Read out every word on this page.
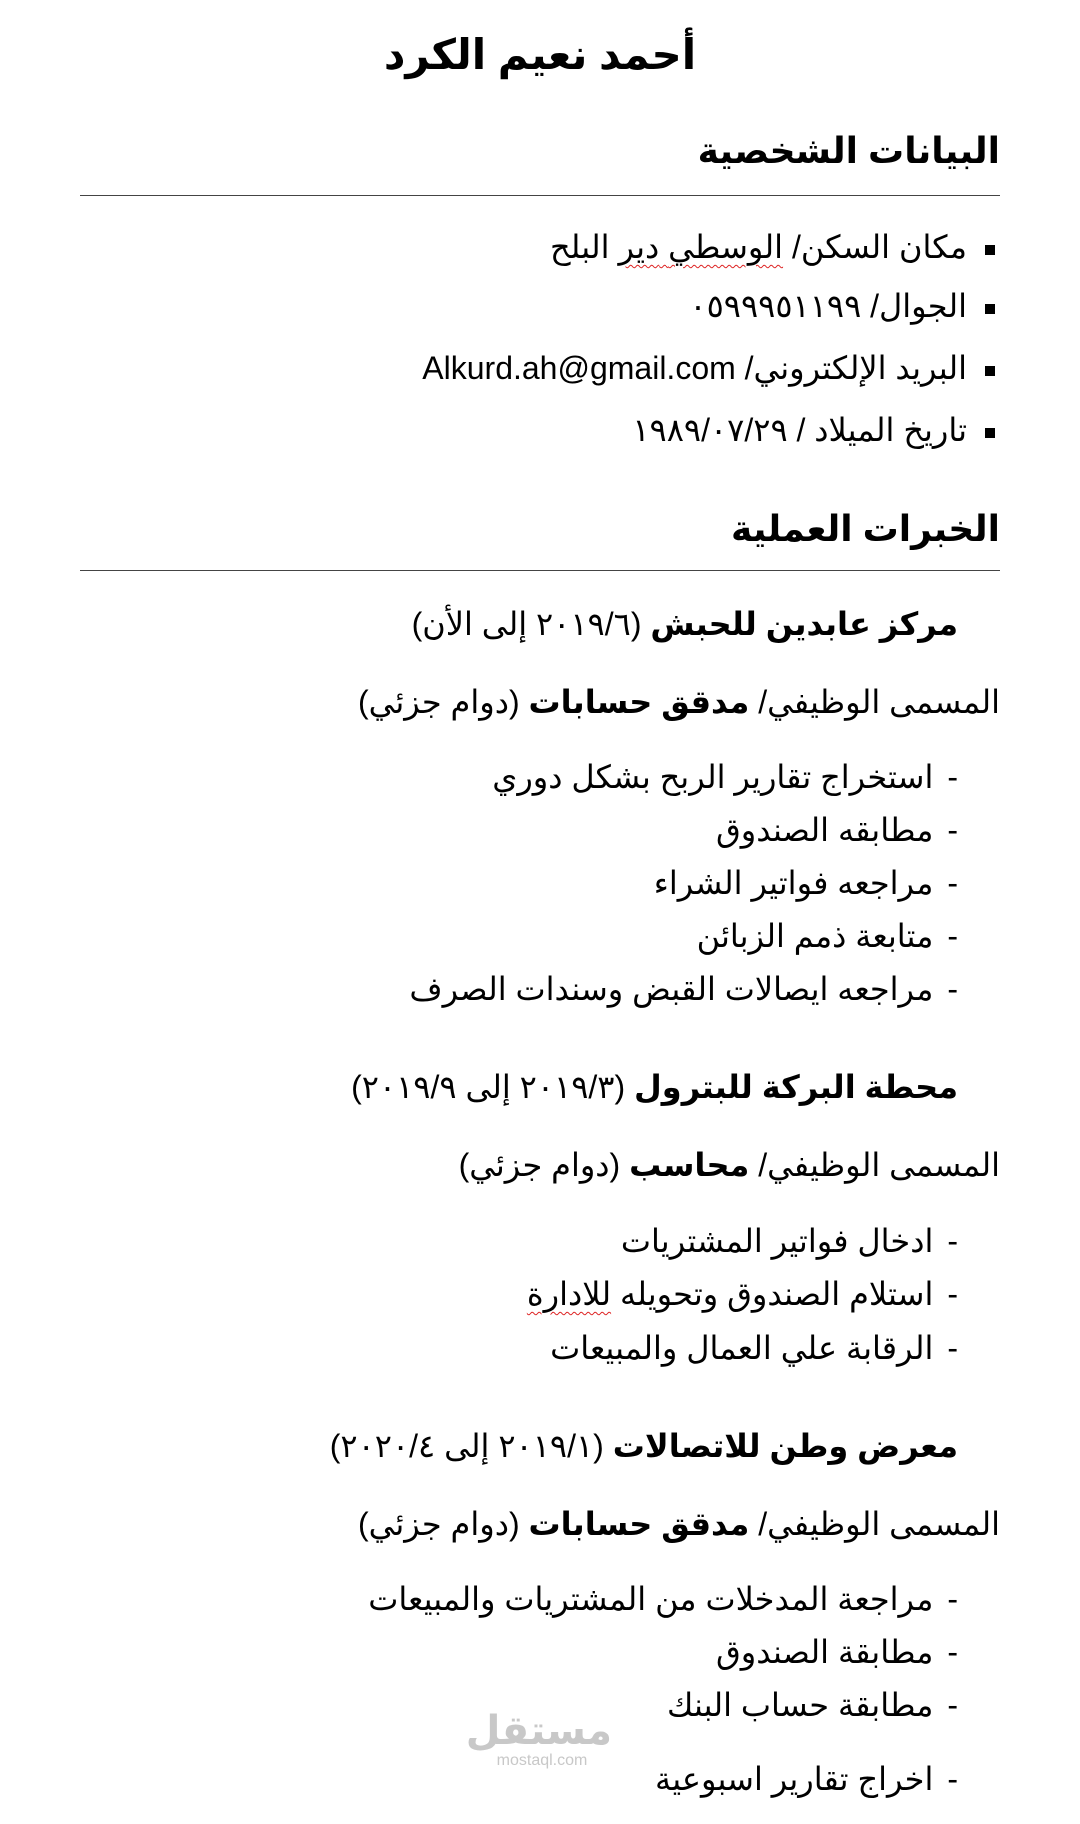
أحمد نعيم الكرد
البيانات الشخصية
مكان السكن/ الوسطي دير البلح
الجوال/ ٠٥٩٩٩٥١١٩٩
البريد الإلكتروني/ Alkurd.ah@gmail.com
تاريخ الميلاد / ١٩٨٩/٠٧/٢٩
الخبرات العملية
مركز عابدين للحبش (٢٠١٩/٦ إلى الأن)
المسمى الوظيفي/ مدقق حسابات (دوام جزئي)
-استخراج تقارير الربح بشكل دوري
-مطابقه الصندوق
-مراجعه فواتير الشراء
-متابعة ذمم الزبائن
-مراجعه ايصالات القبض وسندات الصرف
محطة البركة للبترول (٢٠١٩/٣ إلى ٢٠١٩/٩)
المسمى الوظيفي/ محاسب (دوام جزئي)
-ادخال فواتير المشتريات
-استلام الصندوق وتحويله للادارة
-الرقابة علي العمال والمبيعات
معرض وطن للاتصالات (٢٠١٩/١ إلى ٢٠٢٠/٤)
المسمى الوظيفي/ مدقق حسابات (دوام جزئي)
-مراجعة المدخلات من المشتريات والمبيعات
-مطابقة الصندوق
-مطابقة حساب البنك
-اخراج تقارير اسبوعية
مستقل
mostaql.com
